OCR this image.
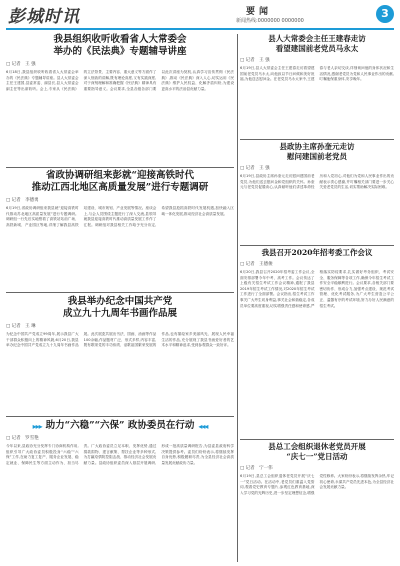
彭城时讯	要闻
新闻热线:0000000 0000000
3
我县组织收听收看省人大常委会
举办的《民法典》专题辅导讲座
□ 记者　王 强
6月18日,我县组织收听收看省人大常委会举办的《民法典》专题辅导讲座。县人大常委会主任王建国,县委常委、副县长,县人大常委会副主任等出席收听。会上,专家从《民法典》的立法背景、主要内容、重大意义等方面作了深入细致的讲解,既有理论高度,又有实践深度,对于深刻理解和准确把握《民法典》精神具有重要指导意义。会议要求,全县各级各部门要以此次讲座为契机,认真学习宣传贯彻《民法典》,推动《民法典》深入人心,切实运用《民法典》维护人民权益、化解矛盾纠纷,为建设更高水平的法治县贡献力量。
省政协调研组来彭就“迎接高铁时代
推动江西北地区高质量发展”进行专题调研
□ 记者　李德勇
6月19日,省政协调研组来我县就“迎接高铁时代推动苏北地区高质量发展”进行专题调研。调研组一行先后实地察看了高铁站站前广场、高铁新城、产业园区等地,详细了解我县高铁站建设、城市规划、产业发展等情况。座谈会上,与会人员围绕主题进行了深入交流,县领导就我县迎接高铁时代推动高质量发展工作作了汇报。调研组对我县相关工作给予充分肯定,希望我县抢抓高铁时代发展机遇,加快融入区域一体化发展,推动经济社会高质量发展。
我县举办纪念中国共产党
成立九十九周年书画作品展
□ 记者　王 琳
为纪念中国共产党成立99周年,展示我县广大干部群众积极向上的精神风貌,6月20日,我县举办纪念中国共产党成立九十九周年书画作品展。此次展览共展出书法、国画、油画等作品100余幅,作品题材广泛、形式多样,内容丰富,既有歌颂党的丰功伟绩、讴歌祖国繁荣发展的作品,也有描绘家乡美丽风光、展现人民幸福生活的作品,充分展现了我县书画爱好者的艺术水平和精神追求,受到参观群众一致好评。
▸▸▸ 助力“六稳”“六保” 政协委员在行动 ◂◂◂
□ 记者　罗雪艳
今年以来,县政协充分发挥专门协商机构作用,组织引导广大政协委员积极投身“六稳”“六保”工作,在助力复工复产、服务企业发展、稳定就业、保障民生等方面主动作为、担当尽责。广大政协委员立足本职、发挥优势,通过捐款捐物、建言献策、帮扶企业等多种形式,为打赢疫情防控阻击战、推动经济社会发展贡献力量。县政协组织委员深入基层开展调研,形成一批高质量调研报告,为县委县政府科学决策提供参考。委员们纷纷表示,将继续发挥自身优势,积极履职尽责,为全县经济社会高质量发展贡献政协力量。
县人大常委会主任王建春走访
看望建国前老党员马永太
□ 记者　王 强
6月19日,县人大常委会主任王建春走访看望建国前老党员马永太,向他致以节日问候和美好祝福,为他送去慰问金。在老党员马永太家中,王建春与老人亲切交谈,详细询问他的身体状况和生活情况,感谢老党员为党和人民事业作出的贡献,叮嘱他保重身体,安享晚年。
县政协主席孙奎元走访
慰问建国前老党员
□ 记者　王 强
6月19日,县政协主席孙奎元走访慰问建国前老党员,为他们送去慰问金和党组织的关怀。孙奎元与老党员促膝谈心,认真倾听他们讲述革命经历和入党初心,对他们为党和人民事业作出的贡献表示衷心感谢,并叮嘱相关部门要进一步关心关爱老党员的生活,切实帮助解决实际困难。
我县召开2020年招考委工作会议
□ 记者　王德俊
6月20日,我县召开2020年招考委工作会议,全面安排部署今年中考、高考工作。会议传达了上级有关招生考试工作会议精神,通报了我县2019年招生考试工作情况,对2020年招生考试工作进行了全面部署。会议指出,招生考试工作事关广大考生切身利益,事关社会和谐稳定,各成员单位要高度重视,切实增强责任感和使命感,严格落实防疫要求,扎实做好考务组织、考试安全、服务保障等各项工作,确保今年招生考试工作安全平稳顺利进行。会议要求,各相关部门要密切协作、形成合力,加强考点建设、规范考试管理、优化考试服务,为广大考生营造公平公正、温馨有序的考试环境,努力办好人民满意的招生考试。
县总工会组织退休老党员开展
“庆七一”党日活动
□ 记者　宁一伟
6月19日,县总工会组织退休老党员开展“庆七一”党日活动。在活动中,老党员们重温入党誓词,观看党史教育专题片,参观红色教育基地,深入学习党的光辉历史,进一步坚定理想信念,增强党性修养。大家纷纷表示,将继续发挥余热,牢记初心使命,永葆共产党员先进本色,为全县经济社会发展贡献力量。
